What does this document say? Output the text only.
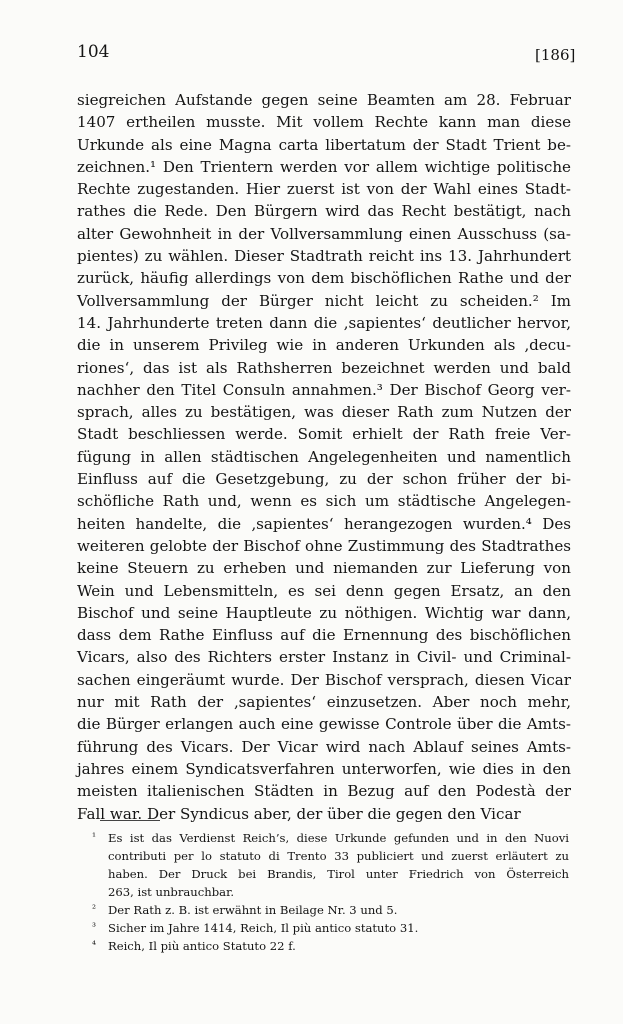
104	[186]
siegreichen Aufstande gegen seine Beamten am 28. Februar
1407 ertheilen musste. Mit vollem Rechte kann man diese
Urkunde als eine Magna carta libertatum der Stadt Trient be-
zeichnen.¹ Den Trientern werden vor allem wichtige politische
Rechte zugestanden. Hier zuerst ist von der Wahl eines Stadt-
rathes die Rede. Den Bürgern wird das Recht bestätigt, nach
alter Gewohnheit in der Vollversammlung einen Ausschuss (sa-
pientes) zu wählen. Dieser Stadtrath reicht ins 13. Jahrhundert
zurück, häufig allerdings von dem bischöflichen Rathe und der
Vollversammlung der Bürger nicht leicht zu scheiden.² Im
14. Jahrhunderte treten dann die ‚sapientes‘ deutlicher hervor,
die in unserem Privileg wie in anderen Urkunden als ‚decu-
riones‘, das ist als Rathsherren bezeichnet werden und bald
nachher den Titel Consuln annahmen.³ Der Bischof Georg ver-
sprach, alles zu bestätigen, was dieser Rath zum Nutzen der
Stadt beschliessen werde. Somit erhielt der Rath freie Ver-
fügung in allen städtischen Angelegenheiten und namentlich
Einfluss auf die Gesetzgebung, zu der schon früher der bi-
schöfliche Rath und, wenn es sich um städtische Angelegen-
heiten handelte, die ‚sapientes‘ herangezogen wurden.⁴ Des
weiteren gelobte der Bischof ohne Zustimmung des Stadtrathes
keine Steuern zu erheben und niemanden zur Lieferung von
Wein und Lebensmitteln, es sei denn gegen Ersatz, an den
Bischof und seine Hauptleute zu nöthigen. Wichtig war dann,
dass dem Rathe Einfluss auf die Ernennung des bischöflichen
Vicars, also des Richters erster Instanz in Civil- und Criminal-
sachen eingeräumt wurde. Der Bischof versprach, diesen Vicar
nur mit Rath der ‚sapientes‘ einzusetzen. Aber noch mehr,
die Bürger erlangen auch eine gewisse Controle über die Amts-
führung des Vicars. Der Vicar wird nach Ablauf seines Amts-
jahres einem Syndicatsverfahren unterworfen, wie dies in den
meisten italienischen Städten in Bezug auf den Podestà der
Fall war. Der Syndicus aber, der über die gegen den Vicar
¹ Es ist das Verdienst Reich’s, diese Urkunde gefunden und in den Nuovi
contributi per lo statuto di Trento 33 publiciert und zuerst erläutert zu
haben. Der Druck bei Brandis, Tirol unter Friedrich von Österreich
263, ist unbrauchbar.
² Der Rath z. B. ist erwähnt in Beilage Nr. 3 und 5.
³ Sicher im Jahre 1414, Reich, Il più antico statuto 31.
⁴ Reich, Il più antico Statuto 22 f.
